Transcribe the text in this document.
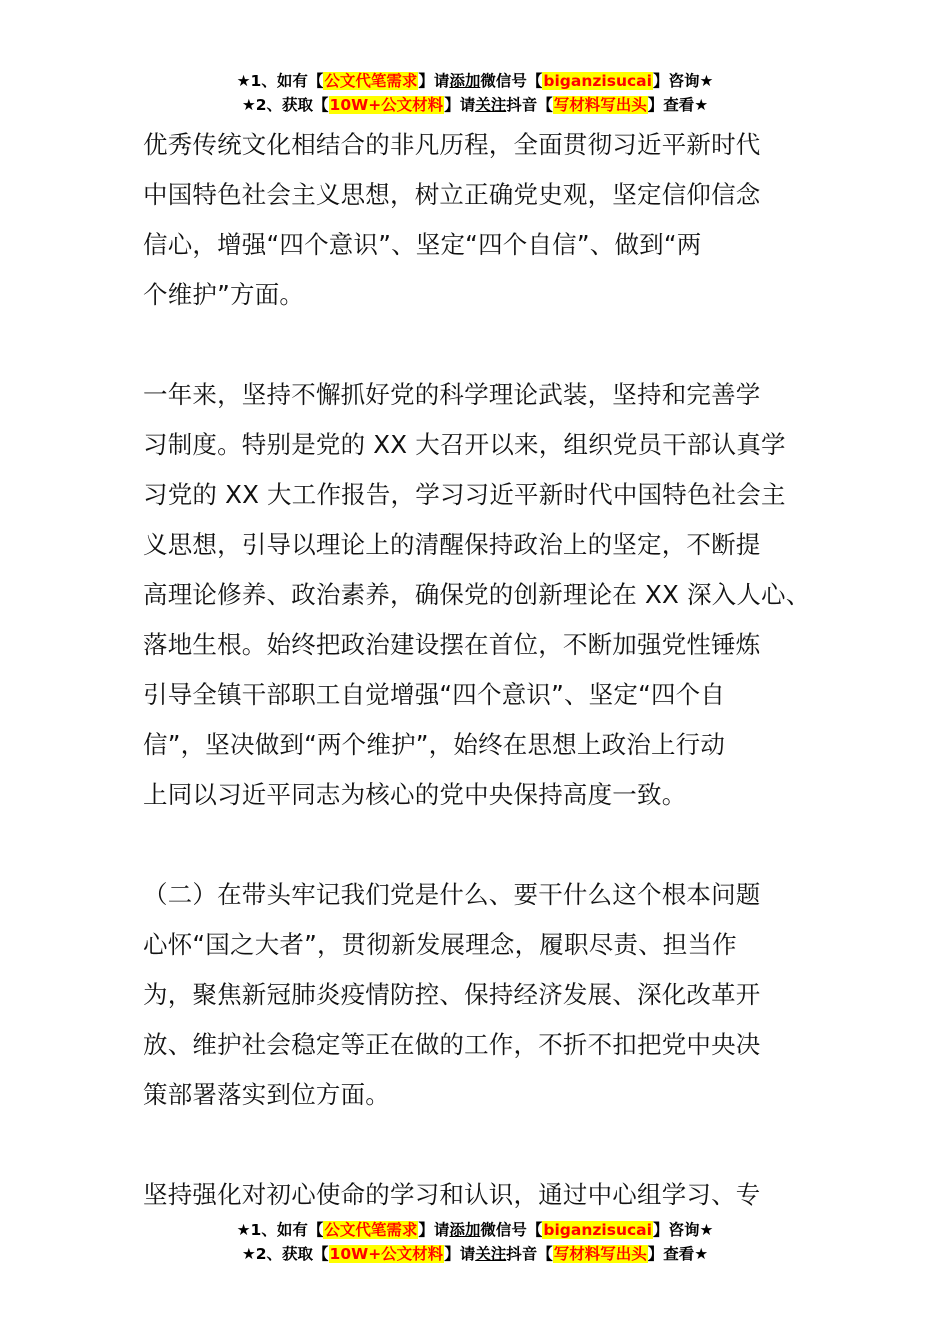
★1、如有【公文代笔需求】请添加微信号【biganzisucai】咨询★
★2、获取【10W+公文材料】请关注抖音【写材料写出头】查看★
优秀传统文化相结合的非凡历程，全面贯彻习近平新时代
中国特色社会主义思想，树立正确党史观，坚定信仰信念
信心，增强“四个意识”、坚定“四个自信”、做到“两
个维护”方面。
一年来，坚持不懈抓好党的科学理论武装，坚持和完善学
习制度。特别是党的 XX 大召开以来，组织党员干部认真学
习党的 XX 大工作报告，学习习近平新时代中国特色社会主
义思想，引导以理论上的清醒保持政治上的坚定，不断提
高理论修养、政治素养，确保党的创新理论在 XX 深入人心、
落地生根。始终把政治建设摆在首位，不断加强党性锤炼
引导全镇干部职工自觉增强“四个意识”、坚定“四个自
信”，坚决做到“两个维护”，始终在思想上政治上行动
上同以习近平同志为核心的党中央保持高度一致。
（二）在带头牢记我们党是什么、要干什么这个根本问题
心怀“国之大者”，贯彻新发展理念，履职尽责、担当作
为，聚焦新冠肺炎疫情防控、保持经济发展、深化改革开
放、维护社会稳定等正在做的工作，不折不扣把党中央决
策部署落实到位方面。
坚持强化对初心使命的学习和认识，通过中心组学习、专
★1、如有【公文代笔需求】请添加微信号【biganzisucai】咨询★
★2、获取【10W+公文材料】请关注抖音【写材料写出头】查看★
